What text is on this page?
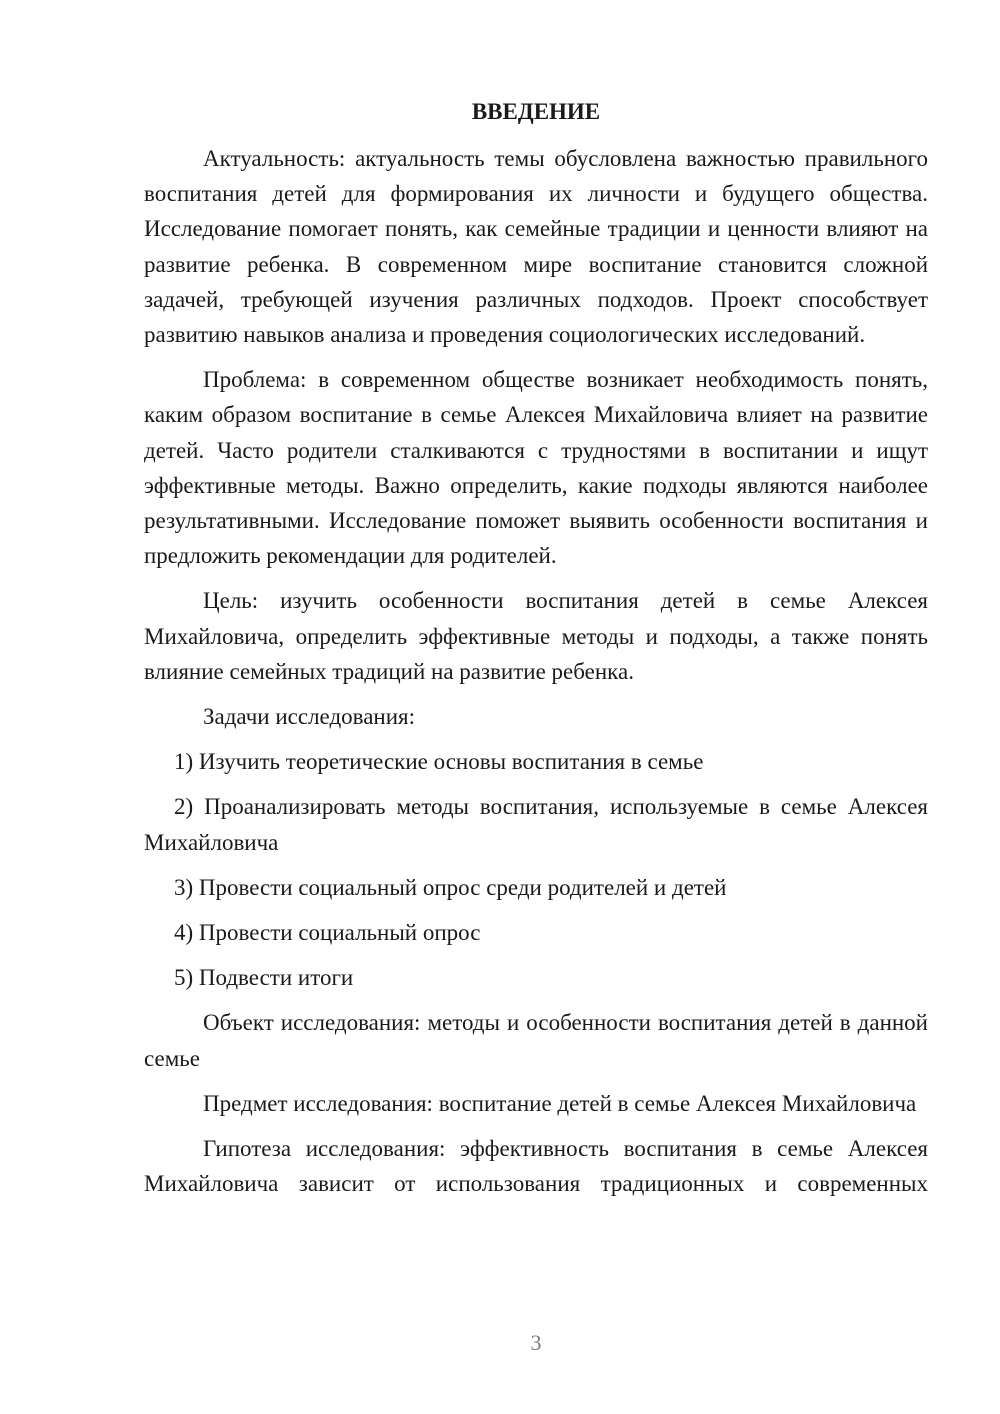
ВВЕДЕНИЕ

Актуальность: актуальность темы обусловлена важностью правильного воспитания детей для формирования их личности и будущего общества. Исследование помогает понять, как семейные традиции и ценности влияют на развитие ребенка. В современном мире воспитание становится сложной задачей, требующей изучения различных подходов. Проект способствует развитию навыков анализа и проведения социологических исследований.

Проблема: в современном обществе возникает необходимость понять, каким образом воспитание в семье Алексея Михайловича влияет на развитие детей. Часто родители сталкиваются с трудностями в воспитании и ищут эффективные методы. Важно определить, какие подходы являются наиболее результативными. Исследование поможет выявить особенности воспитания и предложить рекомендации для родителей.

Цель: изучить особенности воспитания детей в семье Алексея Михайловича, определить эффективные методы и подходы, а также понять влияние семейных традиций на развитие ребенка.

Задачи исследования:

1) Изучить теоретические основы воспитания в семье

2) Проанализировать методы воспитания, используемые в семье Алексея Михайловича

3) Провести социальный опрос среди родителей и детей

4) Провести социальный опрос

5) Подвести итоги

Объект исследования: методы и особенности воспитания детей в данной семье

Предмет исследования: воспитание детей в семье Алексея Михайловича

Гипотеза исследования: эффективность воспитания в семье Алексея Михайловича зависит от использования традиционных и современных

3
